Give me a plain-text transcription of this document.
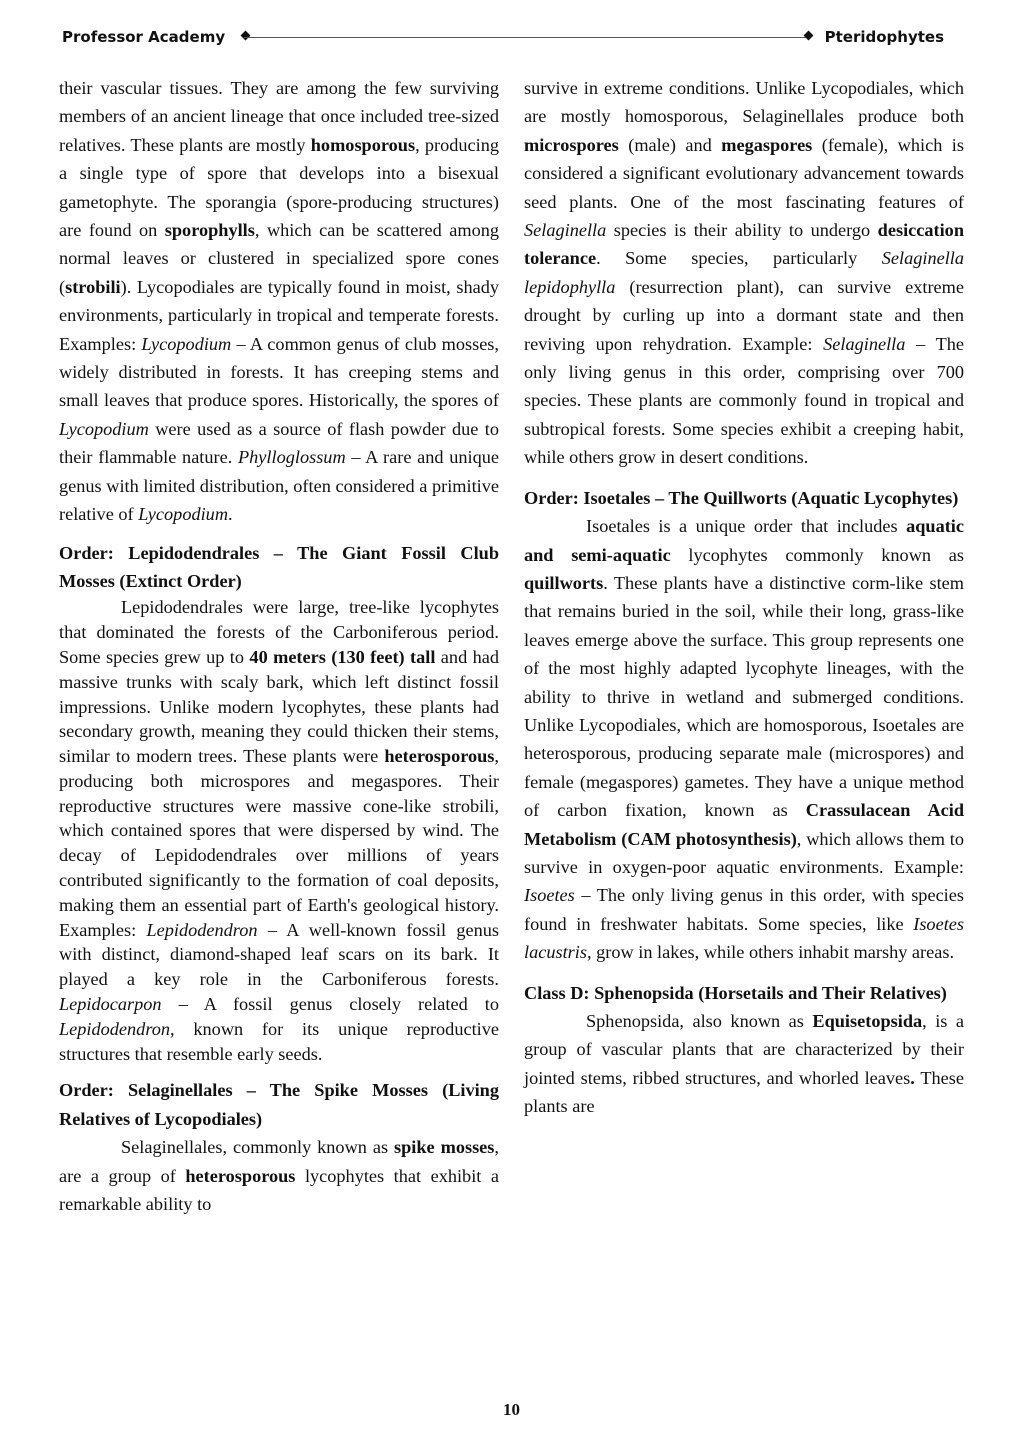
Professor Academy	Pteridophytes

their vascular tissues. They are among the few surviving members of an ancient lineage that once included tree-sized relatives. These plants are mostly homosporous, producing a single type of spore that develops into a bisexual gametophyte. The sporangia (spore-producing structures) are found on sporophylls, which can be scattered among normal leaves or clustered in specialized spore cones (strobili). Lycopodiales are typically found in moist, shady environments, particularly in tropical and temperate forests. Examples: Lycopodium – A common genus of club mosses, widely distributed in forests. It has creeping stems and small leaves that produce spores. Historically, the spores of Lycopodium were used as a source of flash powder due to their flammable nature. Phylloglossum – A rare and unique genus with limited distribution, often considered a primitive relative of Lycopodium.

Order: Lepidodendrales – The Giant Fossil Club Mosses (Extinct Order)

Lepidodendrales were large, tree-like lycophytes that dominated the forests of the Carboniferous period. Some species grew up to 40 meters (130 feet) tall and had massive trunks with scaly bark, which left distinct fossil impressions. Unlike modern lycophytes, these plants had secondary growth, meaning they could thicken their stems, similar to modern trees. These plants were heterosporous, producing both microspores and megaspores. Their reproductive structures were massive cone-like strobili, which contained spores that were dispersed by wind. The decay of Lepidodendrales over millions of years contributed significantly to the formation of coal deposits, making them an essential part of Earth's geological history. Examples: Lepidodendron – A well-known fossil genus with distinct, diamond-shaped leaf scars on its bark. It played a key role in the Carboniferous forests. Lepidocarpon – A fossil genus closely related to Lepidodendron, known for its unique reproductive structures that resemble early seeds.

Order: Selaginellales – The Spike Mosses (Living Relatives of Lycopodiales)

Selaginellales, commonly known as spike mosses, are a group of heterosporous lycophytes that exhibit a remarkable ability to

survive in extreme conditions. Unlike Lycopodiales, which are mostly homosporous, Selaginellales produce both microspores (male) and megaspores (female), which is considered a significant evolutionary advancement towards seed plants. One of the most fascinating features of Selaginella species is their ability to undergo desiccation tolerance. Some species, particularly Selaginella lepidophylla (resurrection plant), can survive extreme drought by curling up into a dormant state and then reviving upon rehydration. Example: Selaginella – The only living genus in this order, comprising over 700 species. These plants are commonly found in tropical and subtropical forests. Some species exhibit a creeping habit, while others grow in desert conditions.

Order: Isoetales – The Quillworts (Aquatic Lycophytes)

Isoetales is a unique order that includes aquatic and semi-aquatic lycophytes commonly known as quillworts. These plants have a distinctive corm-like stem that remains buried in the soil, while their long, grass-like leaves emerge above the surface. This group represents one of the most highly adapted lycophyte lineages, with the ability to thrive in wetland and submerged conditions. Unlike Lycopodiales, which are homosporous, Isoetales are heterosporous, producing separate male (microspores) and female (megaspores) gametes. They have a unique method of carbon fixation, known as Crassulacean Acid Metabolism (CAM photosynthesis), which allows them to survive in oxygen-poor aquatic environments. Example: Isoetes – The only living genus in this order, with species found in freshwater habitats. Some species, like Isoetes lacustris, grow in lakes, while others inhabit marshy areas.

Class D: Sphenopsida (Horsetails and Their Relatives)

Sphenopsida, also known as Equisetopsida, is a group of vascular plants that are characterized by their jointed stems, ribbed structures, and whorled leaves. These plants are

10
